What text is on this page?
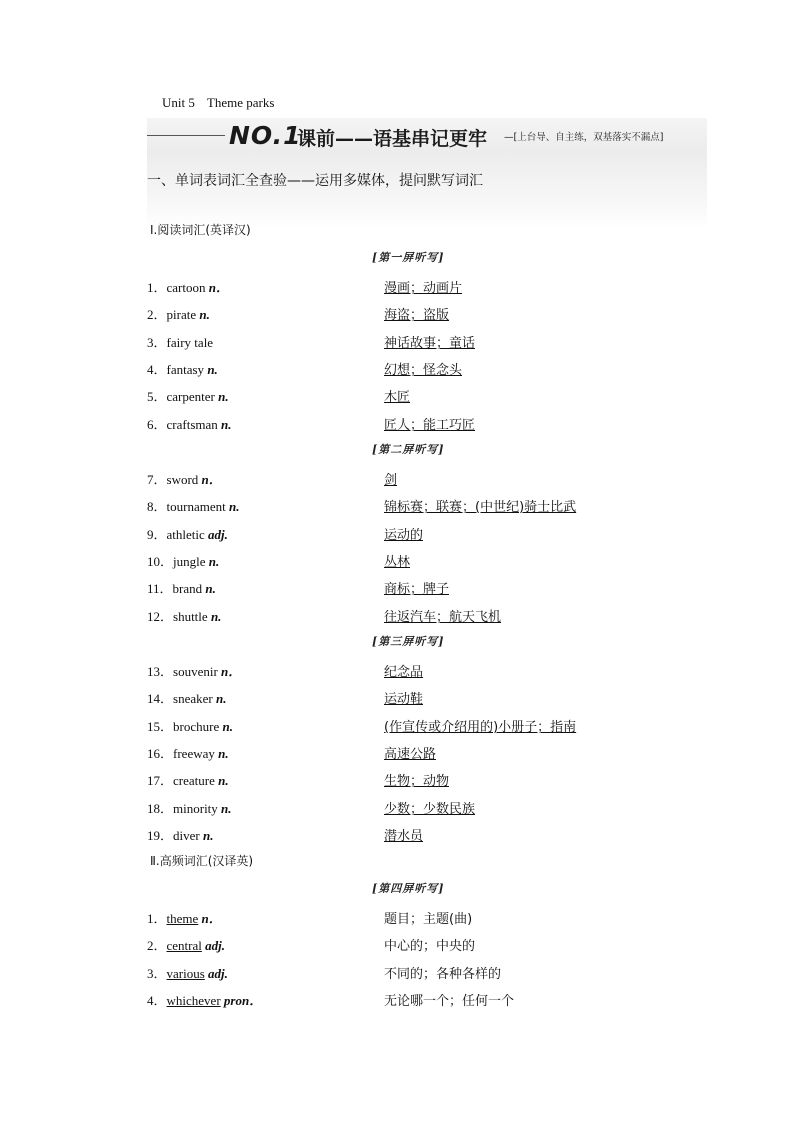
Unit 5 Theme parks
NO.1
课前——语基串记更牢 —[上台导、自主练，双基落实不漏点]
一、单词表词汇全查验——运用多媒体，提问默写词汇
Ⅰ.阅读词汇(英译汉)
[第一屏听写]
1．cartoon n．	漫画；动画片
2．pirate n.	海盗；盗版
3．fairy tale	神话故事；童话
4．fantasy n.	幻想；怪念头
5．carpenter n.	木匠
6．craftsman n.	匠人；能工巧匠
[第二屏听写]
7．sword n．	剑
8．tournament n.	锦标赛；联赛；(中世纪)骑士比武
9．athletic adj.	运动的
10．jungle n.	丛林
11．brand n.	商标；牌子
12．shuttle n.	往返汽车；航天飞机
[第三屏听写]
13．souvenir n．	纪念品
14．sneaker n.	运动鞋
15．brochure n.	(作宣传或介绍用的)小册子；指南
16．freeway n.	高速公路
17．creature n.	生物；动物
18．minority n.	少数；少数民族
19．diver n.	潜水员
Ⅱ.高频词汇(汉译英)
[第四屏听写]
1．theme n．	题目；主题(曲)
2．central adj.	中心的；中央的
3．various adj.	不同的；各种各样的
4．whichever pron．	无论哪一个；任何一个
